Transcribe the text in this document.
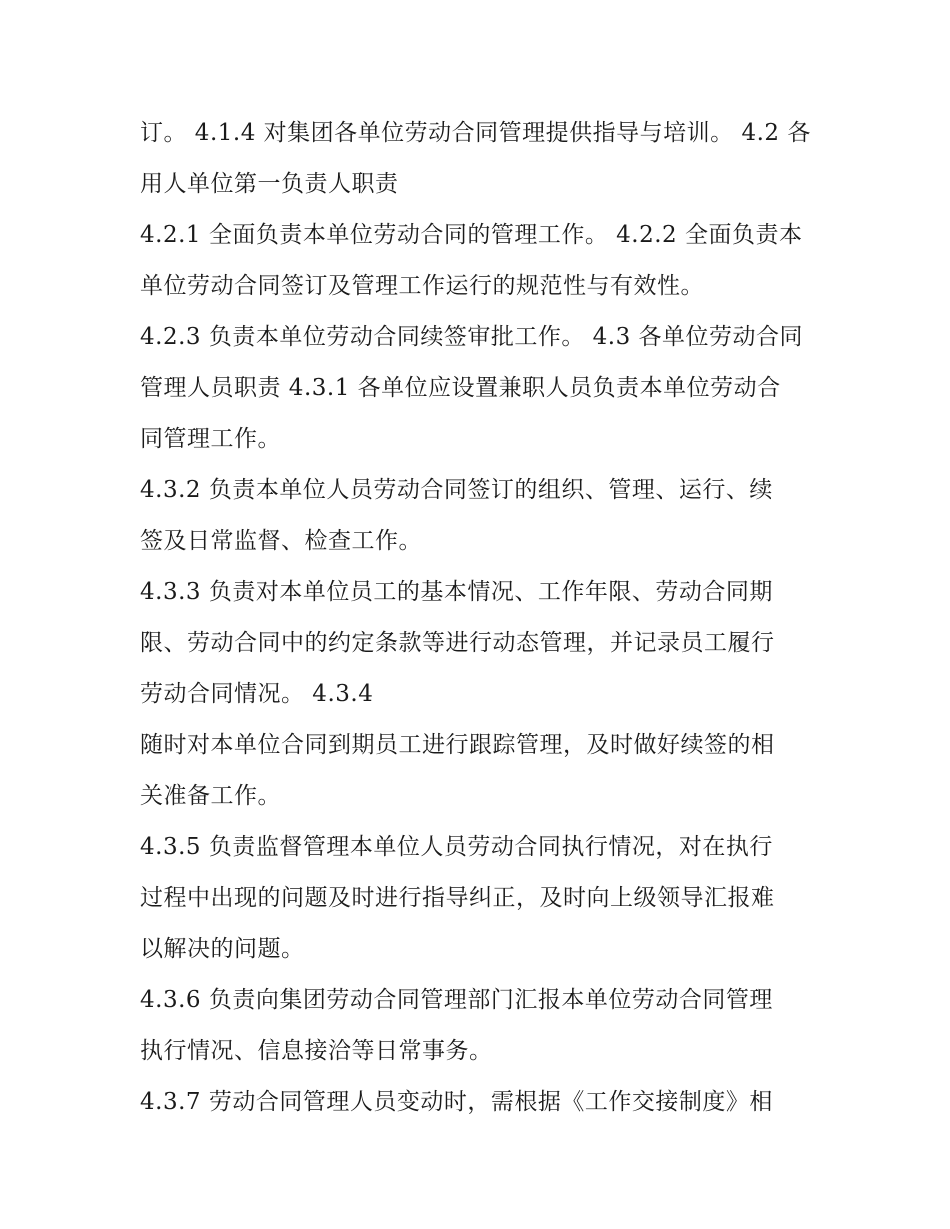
订。 4.1.4 对集团各单位劳动合同管理提供指导与培训。 4.2 各
用人单位第一负责人职责
4.2.1 全面负责本单位劳动合同的管理工作。 4.2.2 全面负责本
单位劳动合同签订及管理工作运行的规范性与有效性。
4.2.3 负责本单位劳动合同续签审批工作。 4.3 各单位劳动合同
管理人员职责 4.3.1 各单位应设置兼职人员负责本单位劳动合
同管理工作。
4.3.2 负责本单位人员劳动合同签订的组织、管理、运行、续
签及日常监督、检查工作。
4.3.3 负责对本单位员工的基本情况、工作年限、劳动合同期
限、劳动合同中的约定条款等进行动态管理，并记录员工履行
劳动合同情况。 4.3.4
随时对本单位合同到期员工进行跟踪管理，及时做好续签的相
关准备工作。
4.3.5 负责监督管理本单位人员劳动合同执行情况，对在执行
过程中出现的问题及时进行指导纠正，及时向上级领导汇报难
以解决的问题。
4.3.6 负责向集团劳动合同管理部门汇报本单位劳动合同管理
执行情况、信息接洽等日常事务。
4.3.7 劳动合同管理人员变动时，需根据《工作交接制度》相
